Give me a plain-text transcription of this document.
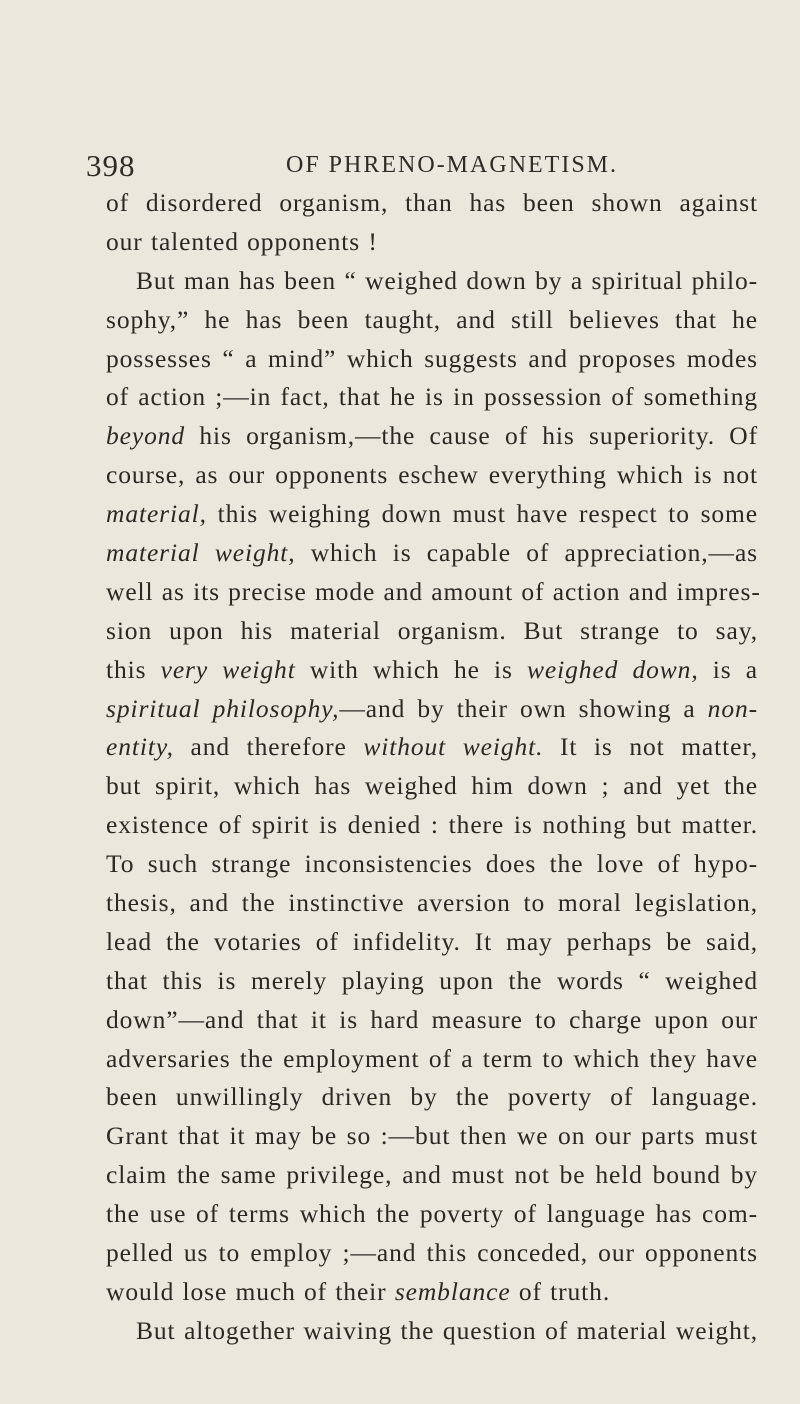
398	OF PHRENO-MAGNETISM.
of disordered organism, than has been shown against
our talented opponents !
But man has been “ weighed down by a spiritual philo-
sophy,” he has been taught, and still believes that he
possesses “ a mind” which suggests and proposes modes
of action ;—in fact, that he is in possession of something
beyond his organism,—the cause of his superiority. Of
course, as our opponents eschew everything which is not
material, this weighing down must have respect to some
material weight, which is capable of appreciation,—as
well as its precise mode and amount of action and impres-
sion upon his material organism. But strange to say,
this very weight with which he is weighed down, is a
spiritual philosophy,—and by their own showing a non-
entity, and therefore without weight. It is not matter,
but spirit, which has weighed him down ; and yet the
existence of spirit is denied : there is nothing but matter.
To such strange inconsistencies does the love of hypo-
thesis, and the instinctive aversion to moral legislation,
lead the votaries of infidelity. It may perhaps be said,
that this is merely playing upon the words “ weighed
down”—and that it is hard measure to charge upon our
adversaries the employment of a term to which they have
been unwillingly driven by the poverty of language.
Grant that it may be so :—but then we on our parts must
claim the same privilege, and must not be held bound by
the use of terms which the poverty of language has com-
pelled us to employ ;—and this conceded, our opponents
would lose much of their semblance of truth.
But altogether waiving the question of material weight,
